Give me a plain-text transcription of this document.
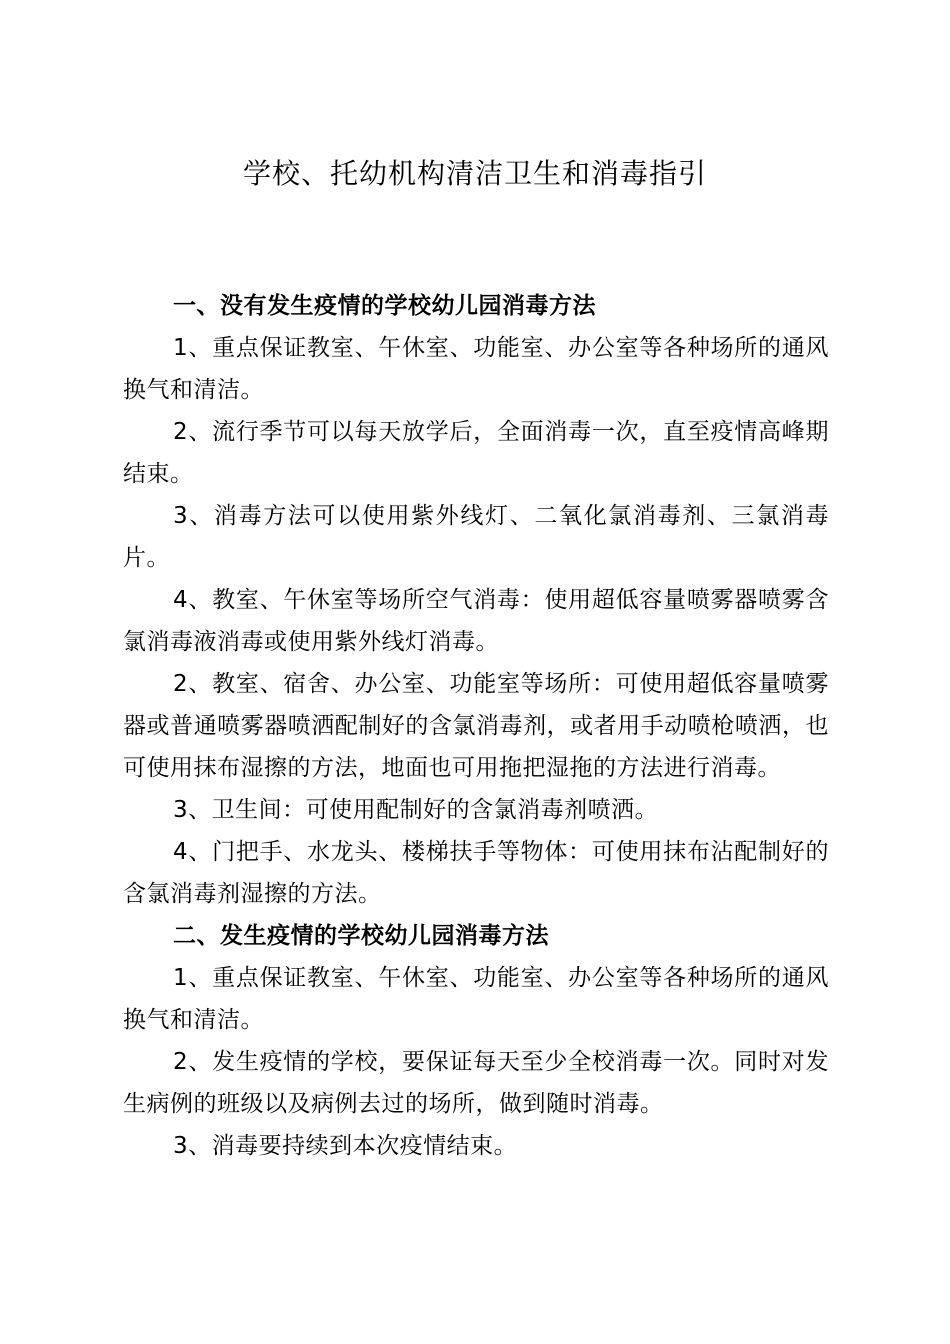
学校、托幼机构清洁卫生和消毒指引
一、没有发生疫情的学校幼儿园消毒方法

1、重点保证教室、午休室、功能室、办公室等各种场所的通风换气和清洁。

2、流行季节可以每天放学后，全面消毒一次，直至疫情高峰期结束。

3、消毒方法可以使用紫外线灯、二氧化氯消毒剂、三氯消毒片。

4、教室、午休室等场所空气消毒：使用超低容量喷雾器喷雾含氯消毒液消毒或使用紫外线灯消毒。

2、教室、宿舍、办公室、功能室等场所：可使用超低容量喷雾器或普通喷雾器喷洒配制好的含氯消毒剂，或者用手动喷枪喷洒，也可使用抹布湿擦的方法，地面也可用拖把湿拖的方法进行消毒。

3、卫生间：可使用配制好的含氯消毒剂喷洒。

4、门把手、水龙头、楼梯扶手等物体：可使用抹布沾配制好的含氯消毒剂湿擦的方法。

二、发生疫情的学校幼儿园消毒方法

1、重点保证教室、午休室、功能室、办公室等各种场所的通风换气和清洁。

2、发生疫情的学校，要保证每天至少全校消毒一次。同时对发生病例的班级以及病例去过的场所，做到随时消毒。

3、消毒要持续到本次疫情结束。
